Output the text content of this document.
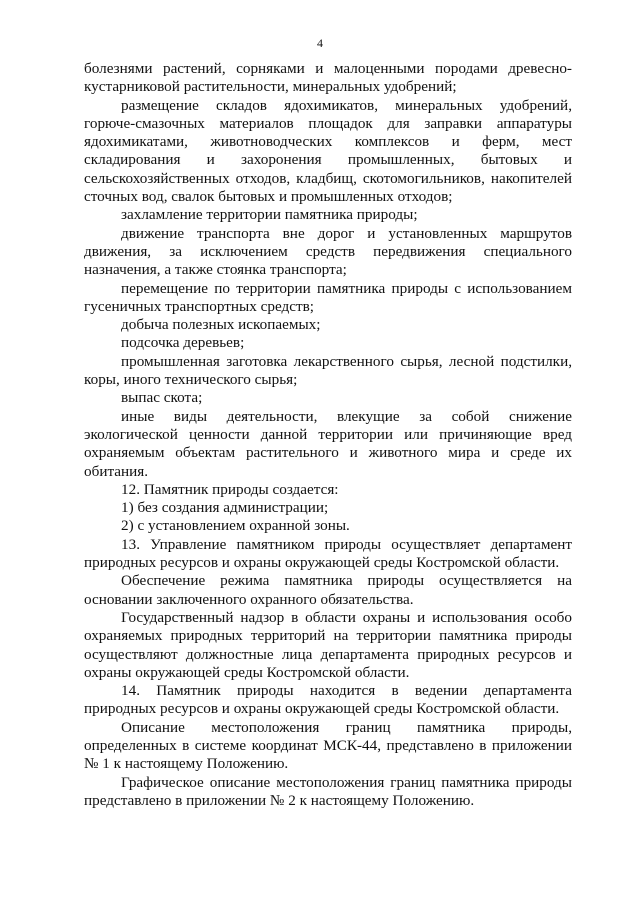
4

болезнями растений, сорняками и малоценными породами древесно-кустарниковой растительности, минеральных удобрений;

размещение складов ядохимикатов, минеральных удобрений, горюче-смазочных материалов площадок для заправки аппаратуры ядохимикатами, животноводческих комплексов и ферм, мест складирования и захоронения промышленных, бытовых и сельскохозяйственных отходов, кладбищ, скотомогильников, накопителей сточных вод, свалок бытовых и промышленных отходов;

захламление территории памятника природы;

движение транспорта вне дорог и установленных маршрутов движения, за исключением средств передвижения специального назначения, а также стоянка транспорта;

перемещение по территории памятника природы с использованием гусеничных транспортных средств;

добыча полезных ископаемых;

подсочка деревьев;

промышленная заготовка лекарственного сырья, лесной подстилки, коры, иного технического сырья;

выпас скота;

иные виды деятельности, влекущие за собой снижение экологической ценности данной территории или причиняющие вред охраняемым объектам растительного и животного мира и среде их обитания.

12. Памятник природы создается:

1) без создания администрации;

2) с установлением охранной зоны.

13. Управление памятником природы осуществляет департамент природных ресурсов и охраны окружающей среды Костромской области.

Обеспечение режима памятника природы осуществляется на основании заключенного охранного обязательства.

Государственный надзор в области охраны и использования особо охраняемых природных территорий на территории памятника природы осуществляют должностные лица департамента природных ресурсов и охраны окружающей среды Костромской области.

14. Памятник природы находится в ведении департамента природных ресурсов и охраны окружающей среды Костромской области.

Описание местоположения границ памятника природы, определенных в системе координат МСК-44, представлено в приложении № 1 к настоящему Положению.

Графическое описание местоположения границ памятника природы представлено в приложении № 2 к настоящему Положению.
